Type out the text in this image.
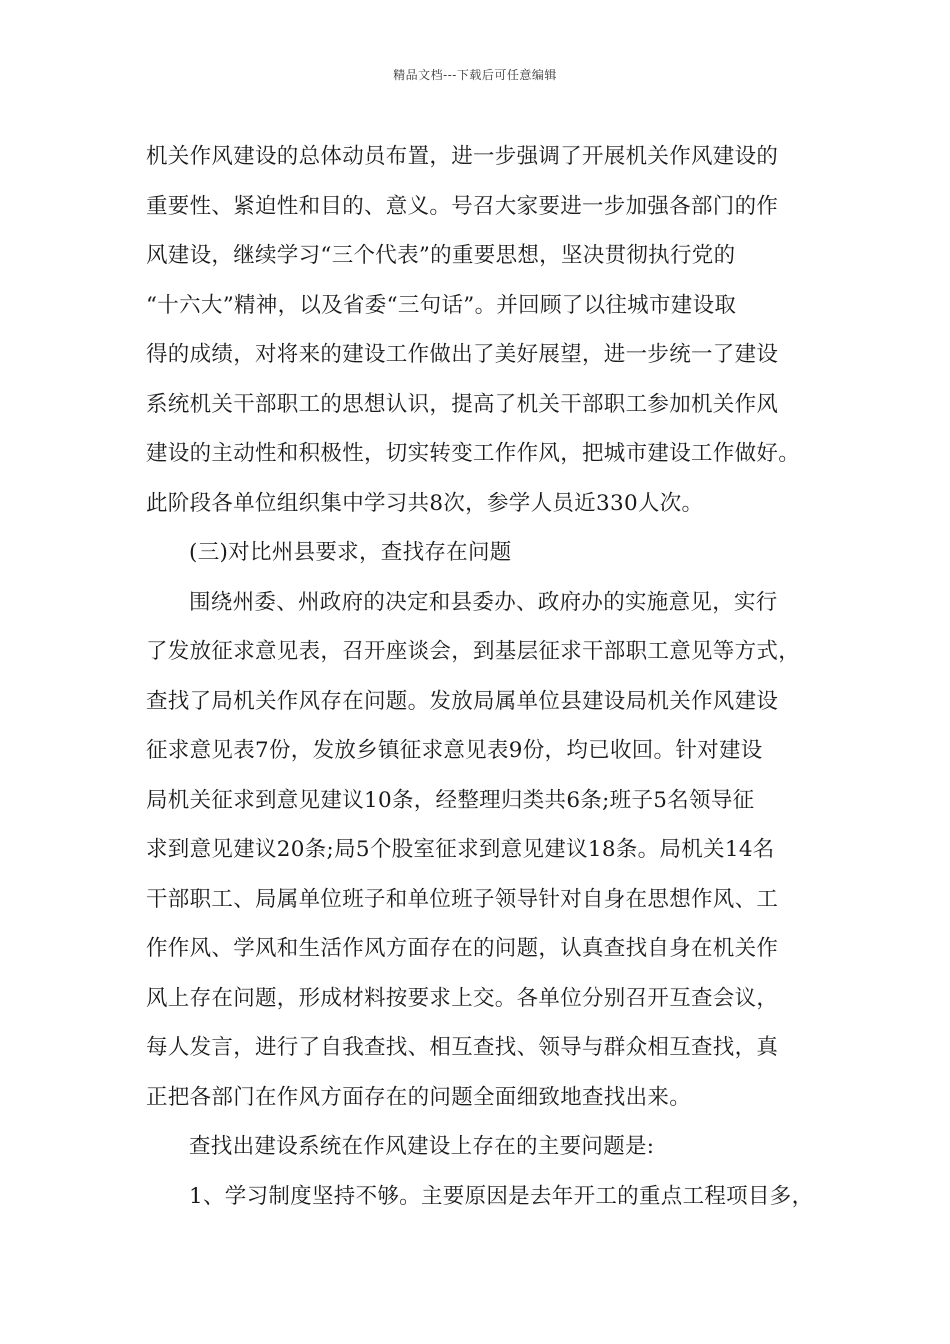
精品文档---下载后可任意编辑
机关作风建设的总体动员布置，进一步强调了开展机关作风建设的
重要性、紧迫性和目的、意义。号召大家要进一步加强各部门的作
风建设，继续学习“三个代表”的重要思想，坚决贯彻执行党的
“十六大”精神，以及省委“三句话”。并回顾了以往城市建设取
得的成绩，对将来的建设工作做出了美好展望，进一步统一了建设
系统机关干部职工的思想认识，提高了机关干部职工参加机关作风
建设的主动性和积极性，切实转变工作作风，把城市建设工作做好。
此阶段各单位组织集中学习共8次，参学人员近330人次。
(三)对比州县要求，查找存在问题
围绕州委、州政府的决定和县委办、政府办的实施意见，实行
了发放征求意见表，召开座谈会，到基层征求干部职工意见等方式，
查找了局机关作风存在问题。发放局属单位县建设局机关作风建设
征求意见表7份，发放乡镇征求意见表9份，均已收回。针对建设
局机关征求到意见建议10条，经整理归类共6条;班子5名领导征
求到意见建议20条;局5个股室征求到意见建议18条。局机关14名
干部职工、局属单位班子和单位班子领导针对自身在思想作风、工
作作风、学风和生活作风方面存在的问题，认真查找自身在机关作
风上存在问题，形成材料按要求上交。各单位分别召开互查会议，
每人发言，进行了自我查找、相互查找、领导与群众相互查找，真
正把各部门在作风方面存在的问题全面细致地查找出来。
查找出建设系统在作风建设上存在的主要问题是:
1、学习制度坚持不够。主要原因是去年开工的重点工程项目多，
